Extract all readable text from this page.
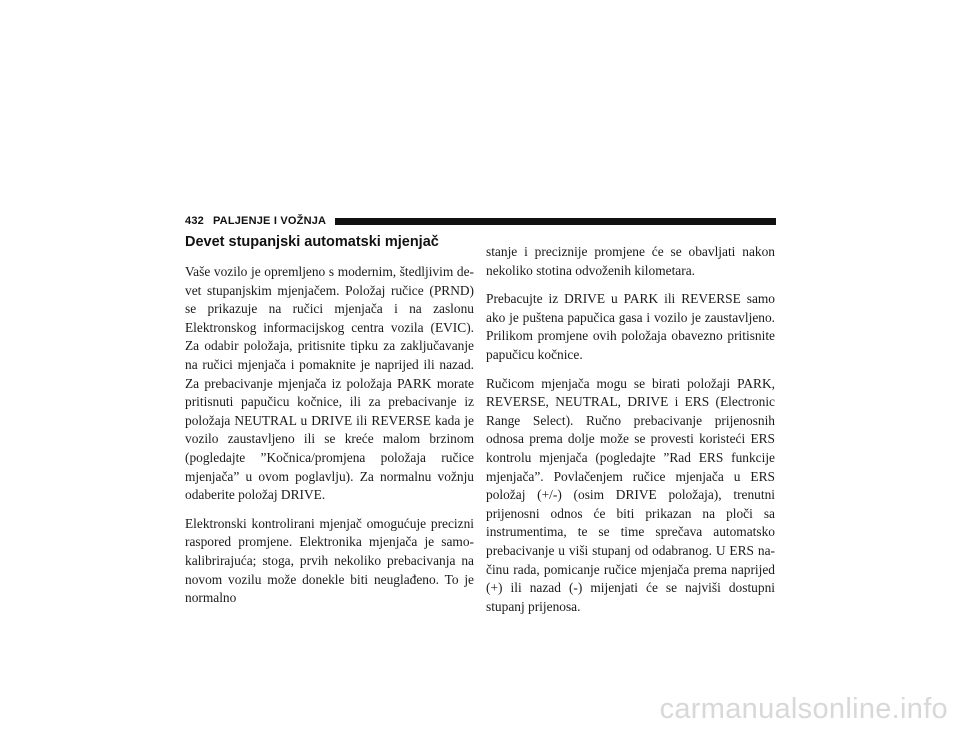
432 PALJENJE I VOŽNJA
Devet stupanjski automatski mjenjač

Vaše vozilo je opremljeno s modernim, štedljivim devet stupanjskim mjenjačem. Položaj ručice (PRND) se prikazuje na ručici mjenjača i na zaslonu Elektronskog informacijskog centra vozila (EVIC). Za odabir položaja, pritisnite tipku za zaključavanje na ručici mjenjača i pomaknite je naprijed ili nazad. Za prebacivanje mjenjača iz položaja PARK morate pritisnuti papučicu kočnice, ili za prebacivanje iz položaja NEUTRAL u DRIVE ili REVERSE kada je vozilo zaustavljeno ili se kreće malom brzinom (pogledajte ”Kočnica/promjena položaja ručice mjenjača” u ovom poglavlju). Za normalnu vožnju odaberite položaj DRIVE.

Elektronski kontrolirani mjenjač omogućuje precizni raspored promjene. Elektronika mjenjača je samo-kalibrirajuća; stoga, prvih nekoliko prebacivanja na novom vozilu može donekle biti neuglađeno. To je normalno

stanje i preciznije promjene će se obavljati nakon nekoliko stotina odvoženih kilometara.

Prebacujte iz DRIVE u PARK ili REVERSE samo ako je puštena papučica gasa i vozilo je zaustavljeno. Prilikom promjene ovih položaja obavezno pritisnite papučicu kočnice.

Ručicom mjenjača mogu se birati položaji PARK, REVERSE, NEUTRAL, DRIVE i ERS (Electronic Range Select). Ručno prebacivanje prijenosnih odnosa prema dolje može se provesti koristeći ERS kontrolu mjenjača (pogledajte ”Rad ERS funkcije mjenjača”. Povlačenjem ručice mjenjača u ERS položaj (+/-) (osim DRIVE položaja), trenutni prijenosni odnos će biti prikazan na ploči sa instrumentima, te se time sprečava automatsko prebacivanje u viši stupanj od odabranog. U ERS načinu rada, pomicanje ručice mjenjača prema naprijed (+) ili nazad (-) mijenjati će se najviši dostupni stupanj prijenosa.

carmanualsonline.info
